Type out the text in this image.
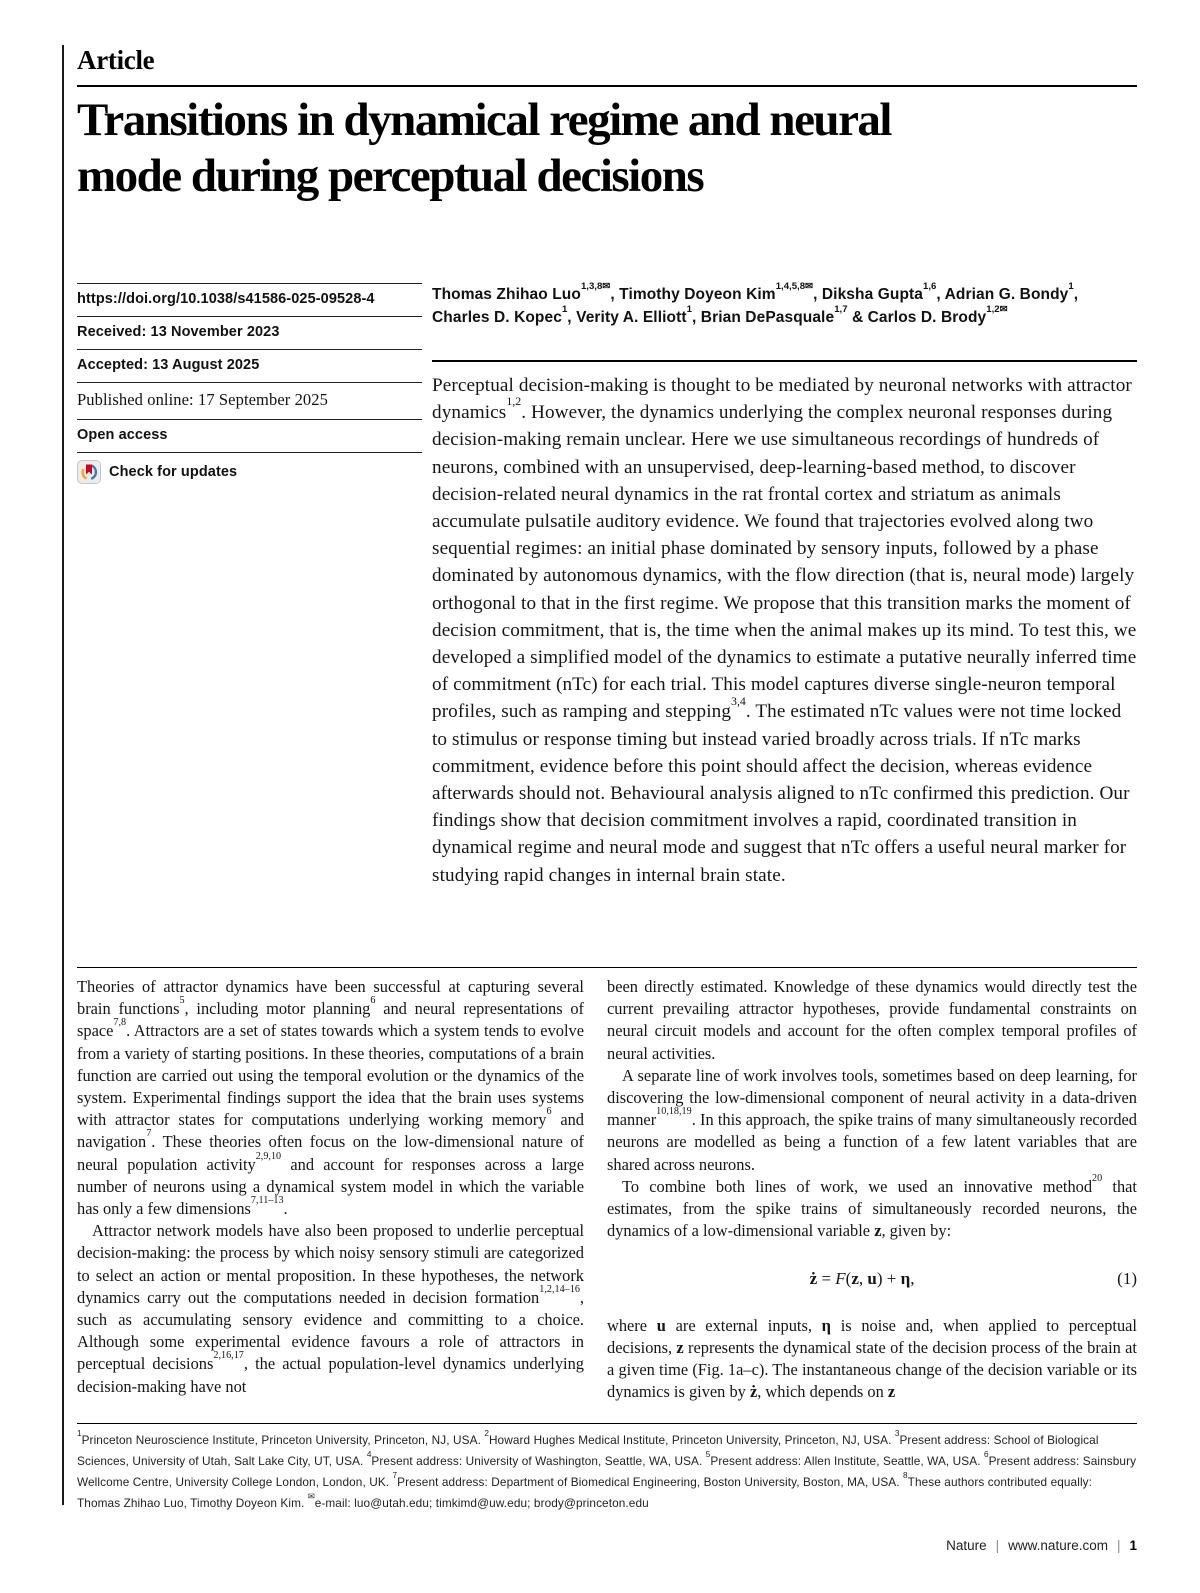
Article
Transitions in dynamical regime and neural
mode during perceptual decisions
https://doi.org/10.1038/s41586-025-09528-4
Received: 13 November 2023
Accepted: 13 August 2025
Published online: 17 September 2025
Open access
Check for updates

Thomas Zhihao Luo$^{1,3,8✉}$, Timothy Doyeon Kim$^{1,4,5,8✉}$, Diksha Gupta$^{1,6}$, Adrian G. Bondy$^1$, Charles D. Kopec$^1$, Verity A. Elliott$^1$, Brian DePasquale$^{1,7}$ & Carlos D. Brody$^{1,2✉}$

Perceptual decision-making is thought to be mediated by neuronal networks with attractor dynamics$^{1,2}$. However, the dynamics underlying the complex neuronal responses during decision-making remain unclear. Here we use simultaneous recordings of hundreds of neurons, combined with an unsupervised, deep-learning-based method, to discover decision-related neural dynamics in the rat frontal cortex and striatum as animals accumulate pulsatile auditory evidence. We found that trajectories evolved along two sequential regimes: an initial phase dominated by sensory inputs, followed by a phase dominated by autonomous dynamics, with the flow direction (that is, neural mode) largely orthogonal to that in the first regime. We propose that this transition marks the moment of decision commitment, that is, the time when the animal makes up its mind. To test this, we developed a simplified model of the dynamics to estimate a putative neurally inferred time of commitment (nTc) for each trial. This model captures diverse single-neuron temporal profiles, such as ramping and stepping$^{3,4}$. The estimated nTc values were not time locked to stimulus or response timing but instead varied broadly across trials. If nTc marks commitment, evidence before this point should affect the decision, whereas evidence afterwards should not. Behavioural analysis aligned to nTc confirmed this prediction. Our findings show that decision commitment involves a rapid, coordinated transition in dynamical regime and neural mode and suggest that nTc offers a useful neural marker for studying rapid changes in internal brain state.

Theories of attractor dynamics have been successful at capturing several brain functions$^5$, including motor planning$^6$ and neural representations of space$^{7,8}$. Attractors are a set of states towards which a system tends to evolve from a variety of starting positions. In these theories, computations of a brain function are carried out using the temporal evolution or the dynamics of the system. Experimental findings support the idea that the brain uses systems with attractor states for computations underlying working memory$^6$ and navigation$^7$. These theories often focus on the low-dimensional nature of neural population activity$^{2,9,10}$ and account for responses across a large number of neurons using a dynamical system model in which the variable has only a few dimensions$^{7,11-13}$.

Attractor network models have also been proposed to underlie perceptual decision-making: the process by which noisy sensory stimuli are categorized to select an action or mental proposition. In these hypotheses, the network dynamics carry out the computations needed in decision formation$^{1,2,14-16}$, such as accumulating sensory evidence and committing to a choice. Although some experimental evidence favours a role of attractors in perceptual decisions$^{2,16,17}$, the actual population-level dynamics underlying decision-making have not

been directly estimated. Knowledge of these dynamics would directly test the current prevailing attractor hypotheses, provide fundamental constraints on neural circuit models and account for the often complex temporal profiles of neural activities.

A separate line of work involves tools, sometimes based on deep learning, for discovering the low-dimensional component of neural activity in a data-driven manner$^{10,18,19}$. In this approach, the spike trains of many simultaneously recorded neurons are modelled as being a function of a few latent variables that are shared across neurons.

To combine both lines of work, we used an innovative method$^{20}$ that estimates, from the spike trains of simultaneously recorded neurons, the dynamics of a low-dimensional variable z, given by:

ż = F(z, u) + η,	(1)

where u are external inputs, η is noise and, when applied to perceptual decisions, z represents the dynamical state of the decision process of the brain at a given time (Fig. 1a–c). The instantaneous change of the decision variable or its dynamics is given by ż, which depends on z

$^1$Princeton Neuroscience Institute, Princeton University, Princeton, NJ, USA. $^2$Howard Hughes Medical Institute, Princeton University, Princeton, NJ, USA. $^3$Present address: School of Biological Sciences, University of Utah, Salt Lake City, UT, USA. $^4$Present address: University of Washington, Seattle, WA, USA. $^5$Present address: Allen Institute, Seattle, WA, USA. $^6$Present address: Sainsbury Wellcome Centre, University College London, London, UK. $^7$Present address: Department of Biomedical Engineering, Boston University, Boston, MA, USA. $^8$These authors contributed equally: Thomas Zhihao Luo, Timothy Doyeon Kim. ✉e-mail: luo@utah.edu; timkimd@uw.edu; brody@princeton.edu

Nature | www.nature.com | 1
